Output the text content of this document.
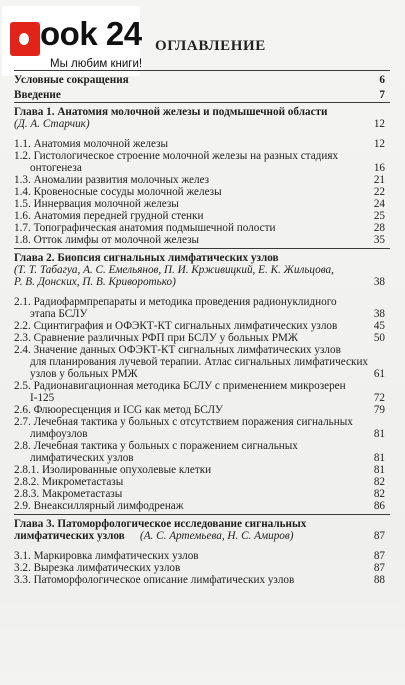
ook 24
Мы любим книги!
ОГЛАВЛЕНИЕ
Условные сокращения	6
Введение	7
Глава 1. Анатомия молочной железы и подмышечной области
(Д. А. Старчик)	12
1.1. Анатомия молочной железы	12
1.2. Гистологическое строение молочной железы на разных стадиях
онтогенеза	16
1.3. Аномалии развития молочных желез	21
1.4. Кровеносные сосуды молочной железы	22
1.5. Иннервация молочной железы	24
1.6. Анатомия передней грудной стенки	25
1.7. Топографическая анатомия подмышечной полости	28
1.8. Отток лимфы от молочной железы	35
Глава 2. Биопсия сигнальных лимфатических узлов
(Т. Т. Табагуа, А. С. Емельянов, П. И. Крживицкий, Е. К. Жильцова,
Р. В. Донских, П. В. Криворотько)	38
2.1. Радиофармпрепараты и методика проведения радионуклидного
этапа БСЛУ	38
2.2. Сцинтиграфия и ОФЭКТ-КТ сигнальных лимфатических узлов	45
2.3. Сравнение различных РФП при БСЛУ у больных РМЖ	50
2.4. Значение данных ОФЭКТ-КТ сигнальных лимфатических узлов
для планирования лучевой терапии. Атлас сигнальных лимфатических
узлов у больных РМЖ	61
2.5. Радионавигационная методика БСЛУ с применением микрозерен
I-125	72
2.6. Флюоресценция и ICG как метод БСЛУ	79
2.7. Лечебная тактика у больных с отсутствием поражения сигнальных
лимфоузлов	81
2.8. Лечебная тактика у больных с поражением сигнальных
лимфатических узлов	81
2.8.1. Изолированные опухолевые клетки	81
2.8.2. Микрометастазы	82
2.8.3. Макрометастазы	82
2.9. Внеаксиллярный лимфодренаж	86
Глава 3. Патоморфологическое исследование сигнальных
лимфатических узлов (А. С. Артемьева, Н. С. Амиров)	87
3.1. Маркировка лимфатических узлов	87
3.2. Вырезка лимфатических узлов	87
3.3. Патоморфологическое описание лимфатических узлов	88
